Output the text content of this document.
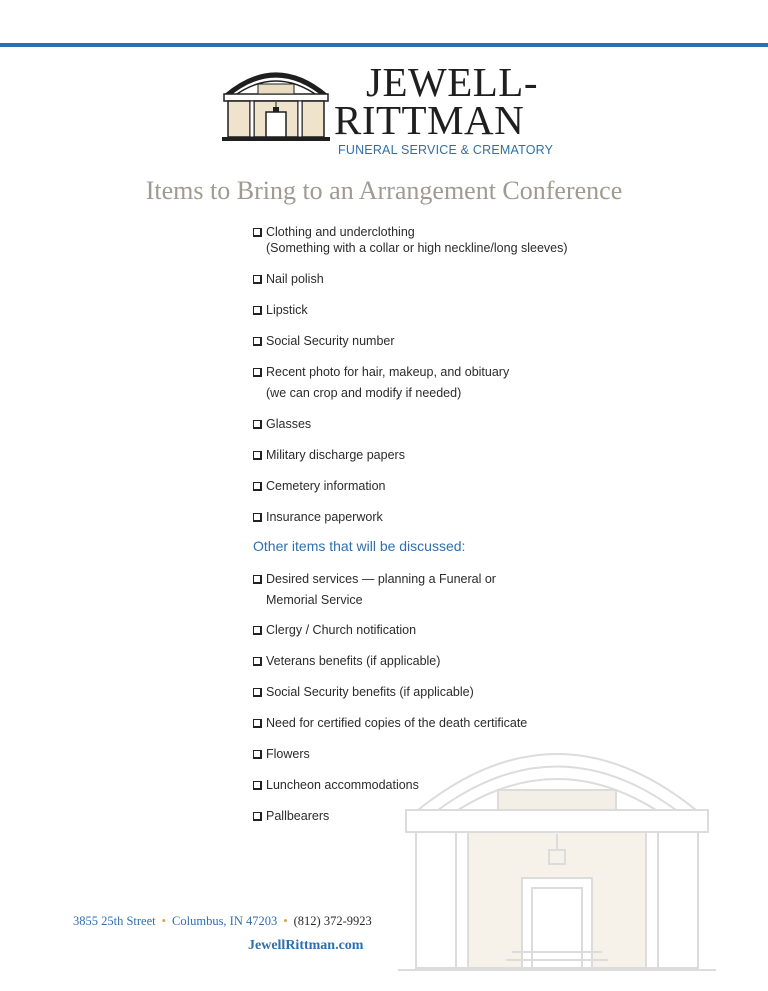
JEWELL-
RITTMAN
FUNERAL SERVICE & CREMATORY
Items to Bring to an Arrangement Conference
Clothing and underclothing
(Something with a collar or high neckline/long sleeves)
Nail polish
Lipstick
Social Security number
Recent photo for hair, makeup, and obituary
(we can crop and modify if needed)
Glasses
Military discharge papers
Cemetery information
Insurance paperwork
Other items that will be discussed:
Desired services — planning a Funeral or
Memorial Service
Clergy / Church notification
Veterans benefits (if applicable)
Social Security benefits (if applicable)
Need for certified copies of the death certificate
Flowers
Luncheon accommodations
Pallbearers
3855 25th Street • Columbus, IN 47203 • (812) 372-9923
JewellRittman.com
